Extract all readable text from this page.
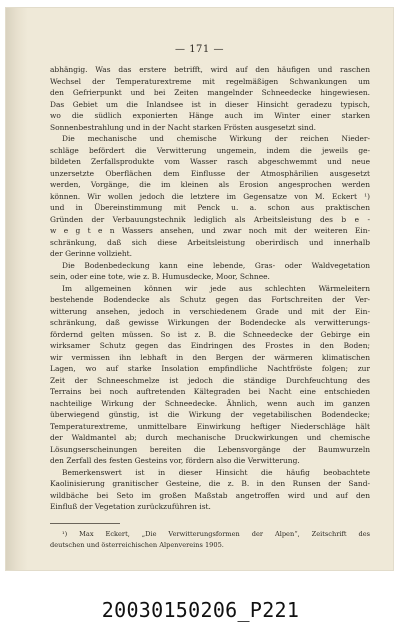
— 171 —
abhängig. Was das erstere betrifft, wird auf den häufigen und raschen
Wechsel der Temperaturextreme mit regelmäßigen Schwankungen um
den Gefrierpunkt und bei Zeiten mangelnder Schneedecke hingewiesen.
Das Gebiet um die Inlandsee ist in dieser Hinsicht geradezu typisch,
wo die südlich exponierten Hänge auch im Winter einer starken
Sonnenbestrahlung und in der Nacht starken Frösten ausgesetzt sind.
Die mechanische und chemische Wirkung der reichen Nieder-
schläge befördert die Verwitterung ungemein, indem die jeweils ge-
bildeten Zerfallsprodukte vom Wasser rasch abgeschwemmt und neue
unzersetzte Oberflächen dem Einflusse der Atmosphärilien ausgesetzt
werden, Vorgänge, die im kleinen als Erosion angesprochen werden
können. Wir wollen jedoch die letztere im Gegensatze von M. Eckert ¹)
und in Übereinstimmung mit Penck u. a. schon aus praktischen
Gründen der Verbauungstechnik lediglich als Arbeitsleistung des b e -
w e g t e n Wassers ansehen, und zwar noch mit der weiteren Ein-
schränkung, daß sich diese Arbeitsleistung oberirdisch und innerhalb
der Gerinne vollzieht.
Die Bodenbedeckung kann eine lebende, Gras- oder Waldvegetation
sein, oder eine tote, wie z. B. Humusdecke, Moor, Schnee.
Im allgemeinen können wir jede aus schlechten Wärmeleitern
bestehende Bodendecke als Schutz gegen das Fortschreiten der Ver-
witterung ansehen, jedoch in verschiedenem Grade und mit der Ein-
schränkung, daß gewisse Wirkungen der Bodendecke als verwitterungs-
fördernd gelten müssen. So ist z. B. die Schneedecke der Gebirge ein
wirksamer Schutz gegen das Eindringen des Frostes in den Boden;
wir vermissen ihn lebhaft in den Bergen der wärmeren klimatischen
Lagen, wo auf starke Insolation empfindliche Nachtfröste folgen; zur
Zeit der Schneeschmelze ist jedoch die ständige Durchfeuchtung des
Terrains bei noch auftretenden Kältegraden bei Nacht eine entschieden
nachteilige Wirkung der Schneedecke. Ähnlich, wenn auch im ganzen
überwiegend günstig, ist die Wirkung der vegetabilischen Bodendecke;
Temperaturextreme, unmittelbare Einwirkung heftiger Niederschläge hält
der Waldmantel ab; durch mechanische Druckwirkungen und chemische
Lösungserscheinungen bereiten die Lebensvorgänge der Baumwurzeln
den Zerfall des festen Gesteins vor, fördern also die Verwitterung.
Bemerkenswert ist in dieser Hinsicht die häufig beobachtete
Kaolinisierung granitischer Gesteine, die z. B. in den Runsen der Sand-
wildbäche bei Seto im großen Maßstab angetroffen wird und auf den
Einfluß der Vegetation zurückzuführen ist.
¹) Max Eckert, „Die Verwitterungsformen der Alpen“, Zeitschrift des
deutschen und österreichischen Alpenvereins 1905.
20030150206_P221
